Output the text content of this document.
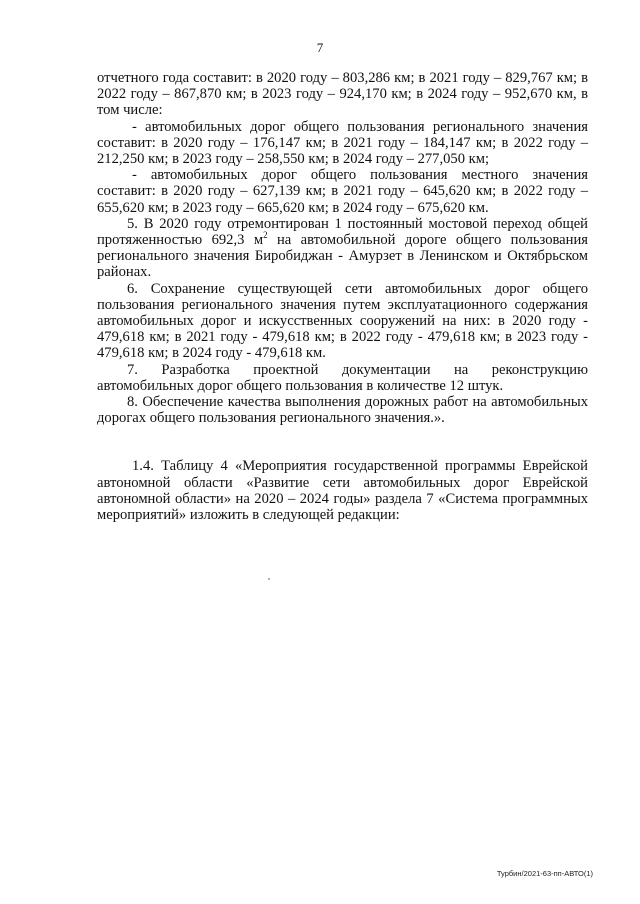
7

отчетного года составит: в 2020 году – 803,286 км; в 2021 году – 829,767 км; в 2022 году – 867,870 км; в 2023 году – 924,170 км; в 2024 году – 952,670 км, в том числе:

- автомобильных дорог общего пользования регионального значения составит: в 2020 году – 176,147 км; в 2021 году – 184,147 км; в 2022 году – 212,250 км; в 2023 году – 258,550 км; в 2024 году – 277,050 км;

- автомобильных дорог общего пользования местного значения составит: в 2020 году – 627,139 км; в 2021 году – 645,620 км; в 2022 году – 655,620 км; в 2023 году – 665,620 км; в 2024 году – 675,620 км.

5. В 2020 году отремонтирован 1 постоянный мостовой переход общей протяженностью 692,3 $м^2$ на автомобильной дороге общего пользования регионального значения Биробиджан - Амурзет в Ленинском и Октябрьском районах.

6. Сохранение существующей сети автомобильных дорог общего пользования регионального значения путем эксплуатационного содержания автомобильных дорог и искусственных сооружений на них: в 2020 году - 479,618 км; в 2021 году - 479,618 км; в 2022 году - 479,618 км; в 2023 году - 479,618 км; в 2024 году - 479,618 км.

7. Разработка проектной документации на реконструкцию автомобильных дорог общего пользования в количестве 12 штук.

8. Обеспечение качества выполнения дорожных работ на автомобильных дорогах общего пользования регионального значения.».

1.4. Таблицу 4 «Мероприятия государственной программы Еврейской автономной области «Развитие сети автомобильных дорог Еврейской автономной области» на 2020 – 2024 годы» раздела 7 «Система программных мероприятий» изложить в следующей редакции:

Турбин/2021-63-пп-АВТО(1)
